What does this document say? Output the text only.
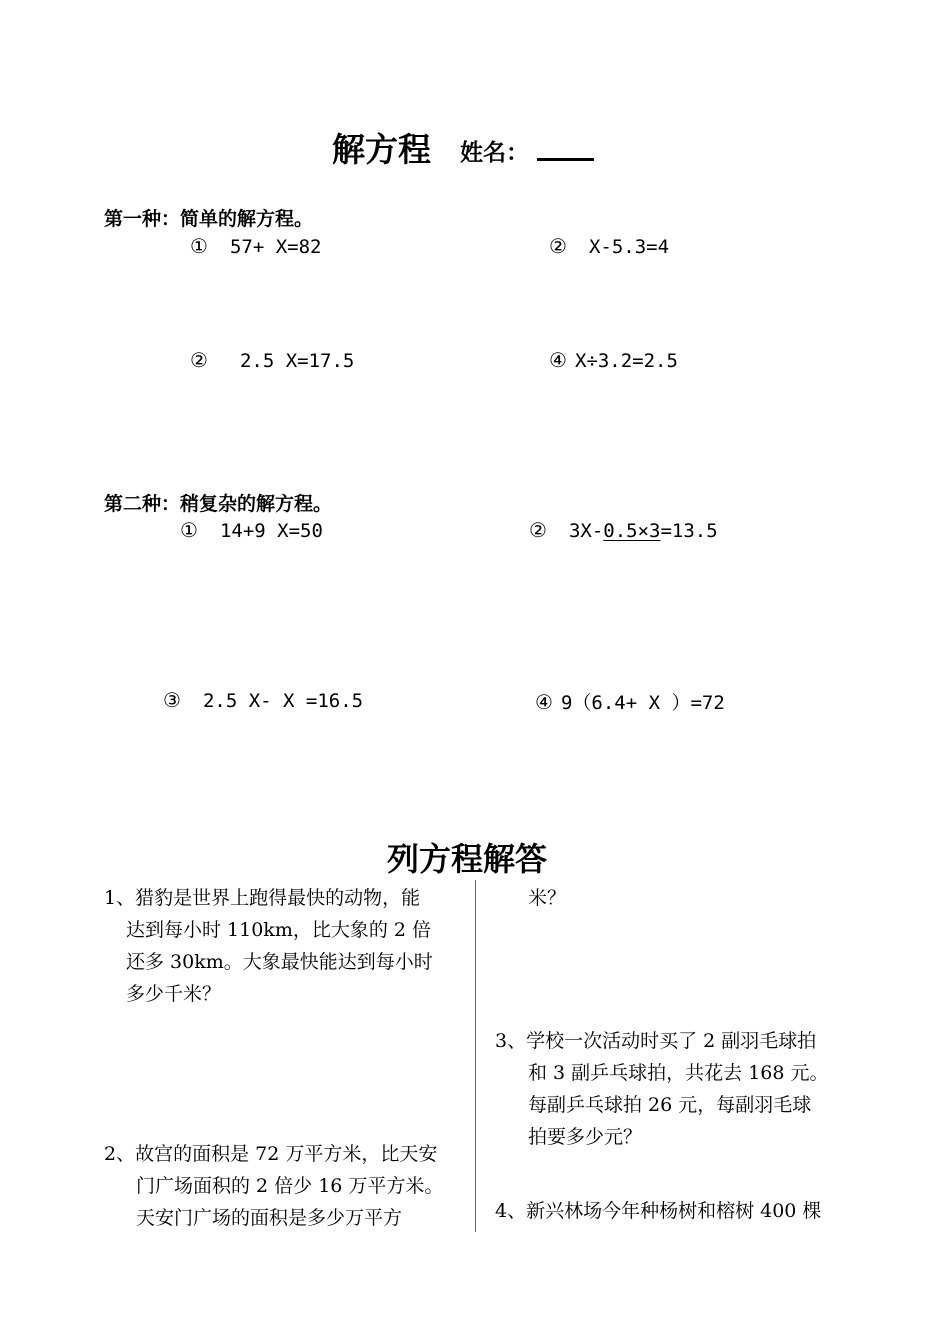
解方程 姓名：
第一种：简单的解方程。
① 57+ X=82	② X-5.3=4
② 2.5 X=17.5	④ X÷3.2=2.5
第二种：稍复杂的解方程。
① 14+9 X=50	② 3X-0.5×3=13.5
③ 2.5 X- X =16.5	④ 9（6.4+ X ）=72
列方程解答
1、猎豹是世界上跑得最快的动物，能
达到每小时 110km，比大象的 2 倍
还多 30km。大象最快能达到每小时
多少千米？
2、故宫的面积是 72 万平方米，比天安
门广场面积的 2 倍少 16 万平方米。
天安门广场的面积是多少万平方
米？
3、学校一次活动时买了 2 副羽毛球拍
和 3 副乒乓球拍，共花去 168 元。
每副乒乓球拍 26 元，每副羽毛球
拍要多少元？
4、新兴林场今年种杨树和榕树 400 棵
